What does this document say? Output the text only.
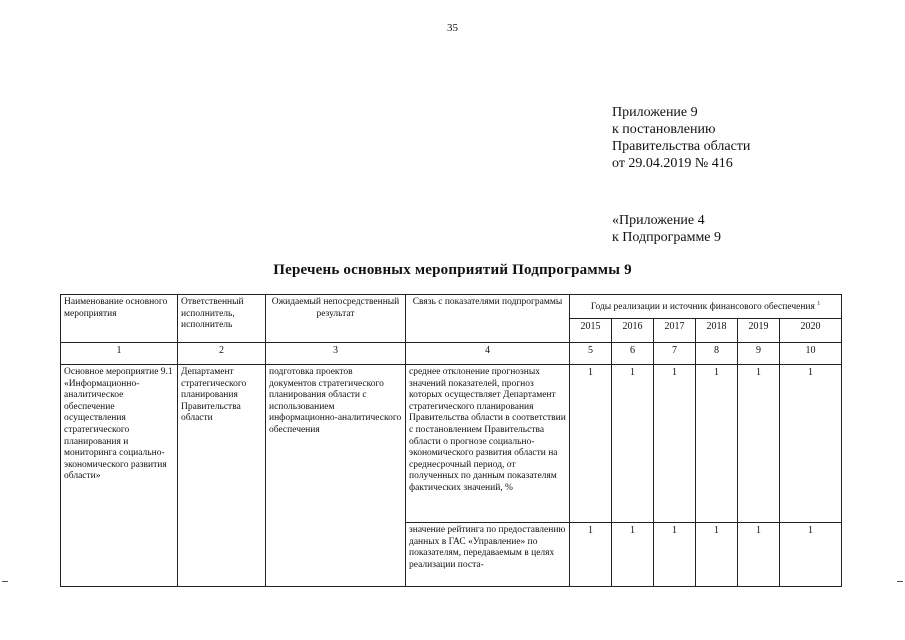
35
Приложение 9
к постановлению
Правительства области
от 29.04.2019 № 416
«Приложение 4
к Подпрограмме 9
Перечень основных мероприятий Подпрограммы 9
Наименование основного мероприятия	Ответственный исполнитель, исполнитель	Ожидаемый непосредственный результат	Связь с показателями подпрограммы	Годы реализации и источник финансового обеспечения $^1$
				2015	2016	2017	2018	2019	2020
1	2	3	4	5	6	7	8	9	10
Основное мероприятие 9.1 «Информационно-аналитическое обеспечение осуществления стратегического планирования и мониторинга социально-экономического развития области»	Департамент стратегического планирования Правительства области	подготовка проектов документов стратегического планирования области с использованием информационно-аналитического обеспечения	среднее отклонение прогнозных значений показателей, прогноз которых осуществляет Департамент стратегического планирования Правительства области в соответствии с постановлением Правительства области о прогнозе социально-экономического развития области на среднесрочный период, от полученных по данным показателям фактических значений, %	1	1	1	1	1	1
			значение рейтинга по предоставлению данных в ГАС «Управление» по показателям, передаваемым в целях реализации поста-	1	1	1	1	1	1
